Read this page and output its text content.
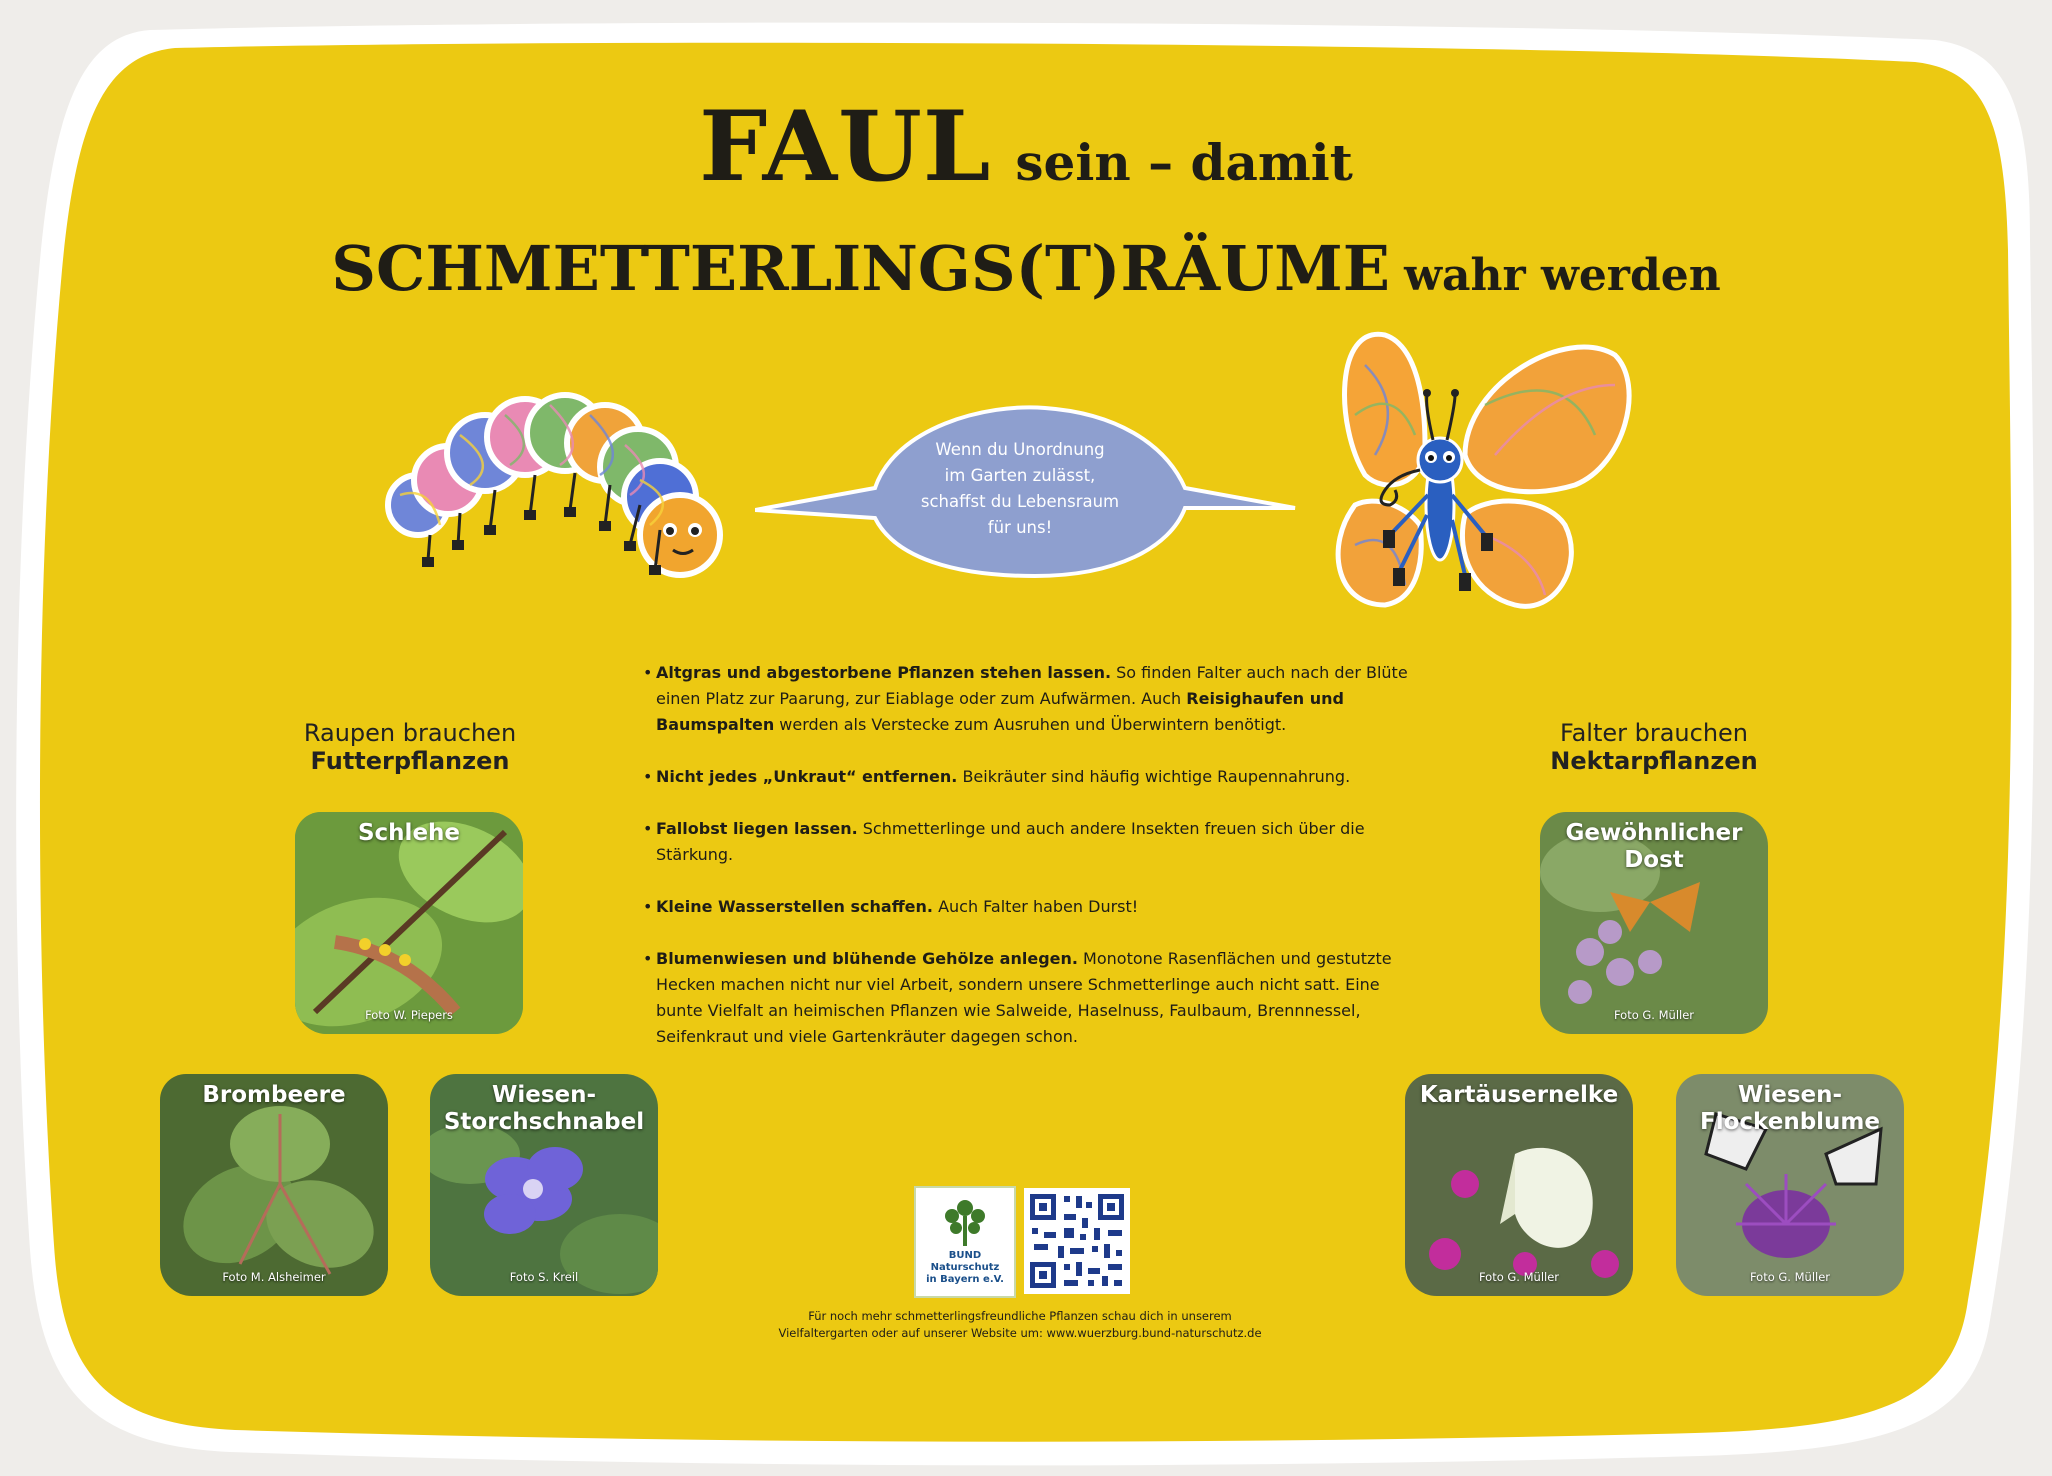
FAUL sein – damit
SCHMETTERLINGS(T)RÄUME wahr werden
Wenn du Unordnung
im Garten zulässt,
schaffst du Lebensraum
für uns!
Raupen brauchen
Futterpflanzen
Falter brauchen
Nektarpflanzen
Schlehe
Foto W. Piepers
Brombeere
Foto M. Alsheimer
Wiesen-
Storchschnabel
Foto S. Kreil
Gewöhnlicher
Dost
Foto G. Müller
Kartäusernelke
Foto G. Müller
Wiesen-
Flockenblume
Foto G. Müller
• Altgras und abgestorbene Pflanzen stehen lassen. So finden Falter auch nach der Blüte einen Platz zur Paarung, zur Eiablage oder zum Aufwärmen. Auch Reisighaufen und Baumspalten werden als Verstecke zum Ausruhen und Überwintern benötigt.
• Nicht jedes „Unkraut“ entfernen. Beikräuter sind häufig wichtige Raupennahrung.
• Fallobst liegen lassen. Schmetterlinge und auch andere Insekten freuen sich über die Stärkung.
• Kleine Wasserstellen schaffen. Auch Falter haben Durst!
• Blumenwiesen und blühende Gehölze anlegen. Monotone Rasenflächen und gestutzte Hecken machen nicht nur viel Arbeit, sondern unsere Schmetterlinge auch nicht satt. Eine bunte Vielfalt an heimischen Pflanzen wie Salweide, Haselnuss, Faulbaum, Brennnessel, Seifenkraut und viele Gartenkräuter dagegen schon.
BUND
Naturschutz
in Bayern e.V.
Für noch mehr schmetterlingsfreundliche Pflanzen schau dich in unserem
Vielfaltergarten oder auf unserer Website um: www.wuerzburg.bund-naturschutz.de
